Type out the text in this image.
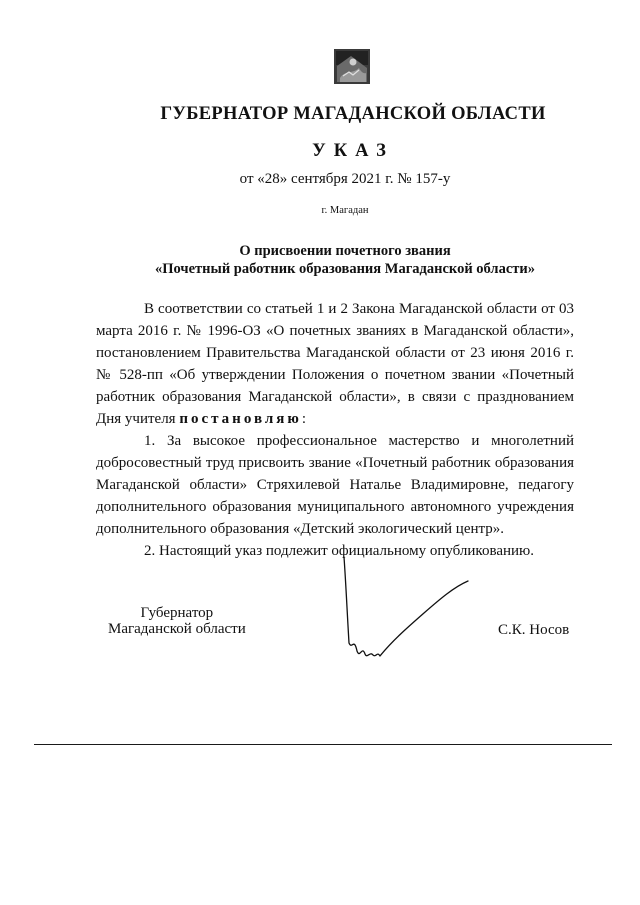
ГУБЕРНАТОР МАГАДАНСКОЙ ОБЛАСТИ
УКАЗ
от «28» сентября 2021 г. № 157-у
г. Магадан
О присвоении почетного звания
«Почетный работник образования Магаданской области»

В соответствии со статьей 1 и 2 Закона Магаданской области от 03 марта 2016 г. № 1996-ОЗ «О почетных званиях в Магаданской области», постановлением Правительства Магаданской области от 23 июня 2016 г. № 528-пп «Об утверждении Положения о почетном звании «Почетный работник образования Магаданской области», в связи с празднованием Дня учителя постановляю:

1. За высокое профессиональное мастерство и многолетний добросовестный труд присвоить звание «Почетный работник образования Магаданской области» Стряхилевой Наталье Владимировне, педагогу дополнительного образования муниципального автономного учреждения дополнительного образования «Детский экологический центр».

2. Настоящий указ подлежит официальному опубликованию.

Губернатор
Магаданской области	С.К. Носов
